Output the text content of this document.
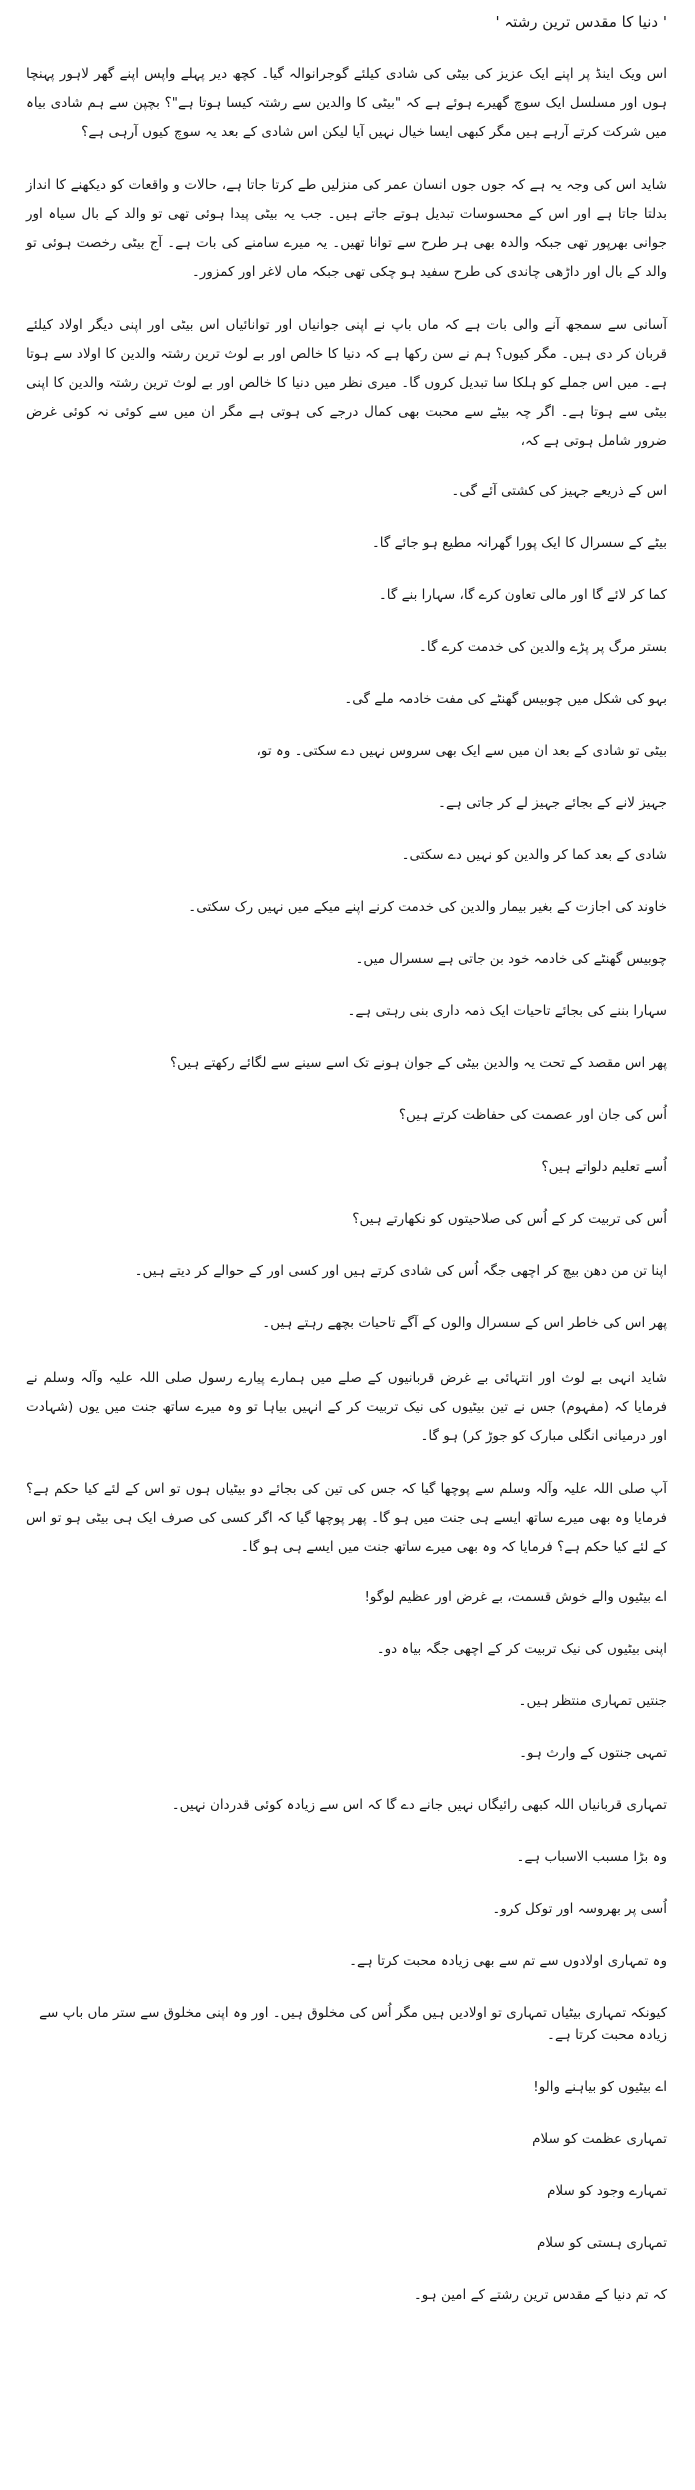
' دنیا کا مقدس ترین رشتہ '

اس ویک اینڈ پر اپنے ایک عزیز کی بیٹی کی شادی کیلئے گوجرانوالہ گیا۔ کچھ دیر پہلے واپس اپنے گھر لاہور پہنچا ہوں اور مسلسل ایک سوچ گھیرے ہوئے ہے کہ "بیٹی کا والدین سے رشتہ کیسا ہوتا ہے"؟ بچپن سے ہم شادی بیاہ میں شرکت کرتے آرہے ہیں مگر کبھی ایسا خیال نہیں آیا لیکن اس شادی کے بعد یہ سوچ کیوں آرہی ہے؟

شاید اس کی وجہ یہ ہے کہ جوں جوں انسان عمر کی منزلیں طے کرتا جاتا ہے، حالات و واقعات کو دیکھنے کا انداز بدلتا جاتا ہے اور اس کے محسوسات تبدیل ہوتے جاتے ہیں۔ جب یہ بیٹی پیدا ہوئی تھی تو والد کے بال سیاہ اور جوانی بھرپور تھی جبکہ والدہ بھی ہر طرح سے توانا تھیں۔ یہ میرے سامنے کی بات ہے۔ آج بیٹی رخصت ہوئی تو والد کے بال اور داڑھی چاندی کی طرح سفید ہو چکی تھی جبکہ ماں لاغر اور کمزور۔

آسانی سے سمجھ آنے والی بات ہے کہ ماں باپ نے اپنی جوانیاں اور توانائیاں اس بیٹی اور اپنی دیگر اولاد کیلئے قربان کر دی ہیں۔ مگر کیوں؟ ہم نے سن رکھا ہے کہ دنیا کا خالص اور بے لوث ترین رشتہ والدین کا اولاد سے ہوتا ہے۔ میں اس جملے کو ہلکا سا تبدیل کروں گا۔ میری نظر میں دنیا کا خالص اور بے لوث ترین رشتہ والدین کا اپنی بیٹی سے ہوتا ہے۔ اگر چہ بیٹے سے محبت بھی کمال درجے کی ہوتی ہے مگر ان میں سے کوئی نہ کوئی غرض ضرور شامل ہوتی ہے کہ،

اس کے ذریعے جہیز کی کشتی آئے گی۔

بیٹے کے سسرال کا ایک پورا گھرانہ مطیع ہو جائے گا۔

کما کر لائے گا اور مالی تعاون کرے گا، سہارا بنے گا۔

بستر مرگ پر پڑے والدین کی خدمت کرے گا۔

بہو کی شکل میں چوبیس گھنٹے کی مفت خادمہ ملے گی۔

بیٹی تو شادی کے بعد ان میں سے ایک بھی سروس نہیں دے سکتی۔ وہ تو،

جہیز لانے کے بجائے جہیز لے کر جاتی ہے۔

شادی کے بعد کما کر والدین کو نہیں دے سکتی۔

خاوند کی اجازت کے بغیر بیمار والدین کی خدمت کرنے اپنے میکے میں نہیں رک سکتی۔

چوبیس گھنٹے کی خادمہ خود بن جاتی ہے سسرال میں۔

سہارا بننے کی بجائے تاحیات ایک ذمہ داری بنی رہتی ہے۔

پھر اس مقصد کے تحت یہ والدین بیٹی کے جوان ہونے تک اسے سینے سے لگائے رکھتے ہیں؟

اُس کی جان اور عصمت کی حفاظت کرتے ہیں؟

اُسے تعلیم دلواتے ہیں؟

اُس کی تربیت کر کے اُس کی صلاحیتوں کو نکھارتے ہیں؟

اپنا تن من دھن بیچ کر اچھی جگہ اُس کی شادی کرتے ہیں اور کسی اور کے حوالے کر دیتے ہیں۔

پھر اس کی خاطر اس کے سسرال والوں کے آگے تاحیات بچھے رہتے ہیں۔

شاید انہی بے لوث اور انتہائی بے غرض قربانیوں کے صلے میں ہمارے پیارے رسول صلی اللہ علیہ وآلہ وسلم نے فرمایا کہ (مفہوم) جس نے تین بیٹیوں کی نیک تربیت کر کے انہیں بیاہا تو وہ میرے ساتھ جنت میں یوں (شہادت اور درمیانی انگلی مبارک کو جوڑ کر) ہو گا۔

آپ صلی اللہ علیہ وآلہ وسلم سے پوچھا گیا کہ جس کی تین کی بجائے دو بیٹیاں ہوں تو اس کے لئے کیا حکم ہے؟ فرمایا وہ بھی میرے ساتھ ایسے ہی جنت میں ہو گا۔ پھر پوچھا گیا کہ اگر کسی کی صرف ایک ہی بیٹی ہو تو اس کے لئے کیا حکم ہے؟ فرمایا کہ وہ بھی میرے ساتھ جنت میں ایسے ہی ہو گا۔

اے بیٹیوں والے خوش قسمت، بے غرض اور عظیم لوگو!

اپنی بیٹیوں کی نیک تربیت کر کے اچھی جگہ بیاہ دو۔

جنتیں تمہاری منتظر ہیں۔

تمہی جنتوں کے وارث ہو۔

تمہاری قربانیاں اللہ کبھی رائیگاں نہیں جانے دے گا کہ اس سے زیادہ کوئی قدردان نہیں۔

وہ بڑا مسبب الاسباب ہے۔

اُسی پر بھروسہ اور توکل کرو۔

وہ تمہاری اولادوں سے تم سے بھی زیادہ محبت کرتا ہے۔

کیونکہ تمہاری بیٹیاں تمہاری تو اولادیں ہیں مگر اُس کی مخلوق ہیں۔ اور وہ اپنی مخلوق سے ستر ماں باپ سے زیادہ محبت کرتا ہے۔

اے بیٹیوں کو بیاہنے والو!

تمہاری عظمت کو سلام

تمہارے وجود کو سلام

تمہاری ہستی کو سلام

کہ تم دنیا کے مقدس ترین رشتے کے امین ہو۔
